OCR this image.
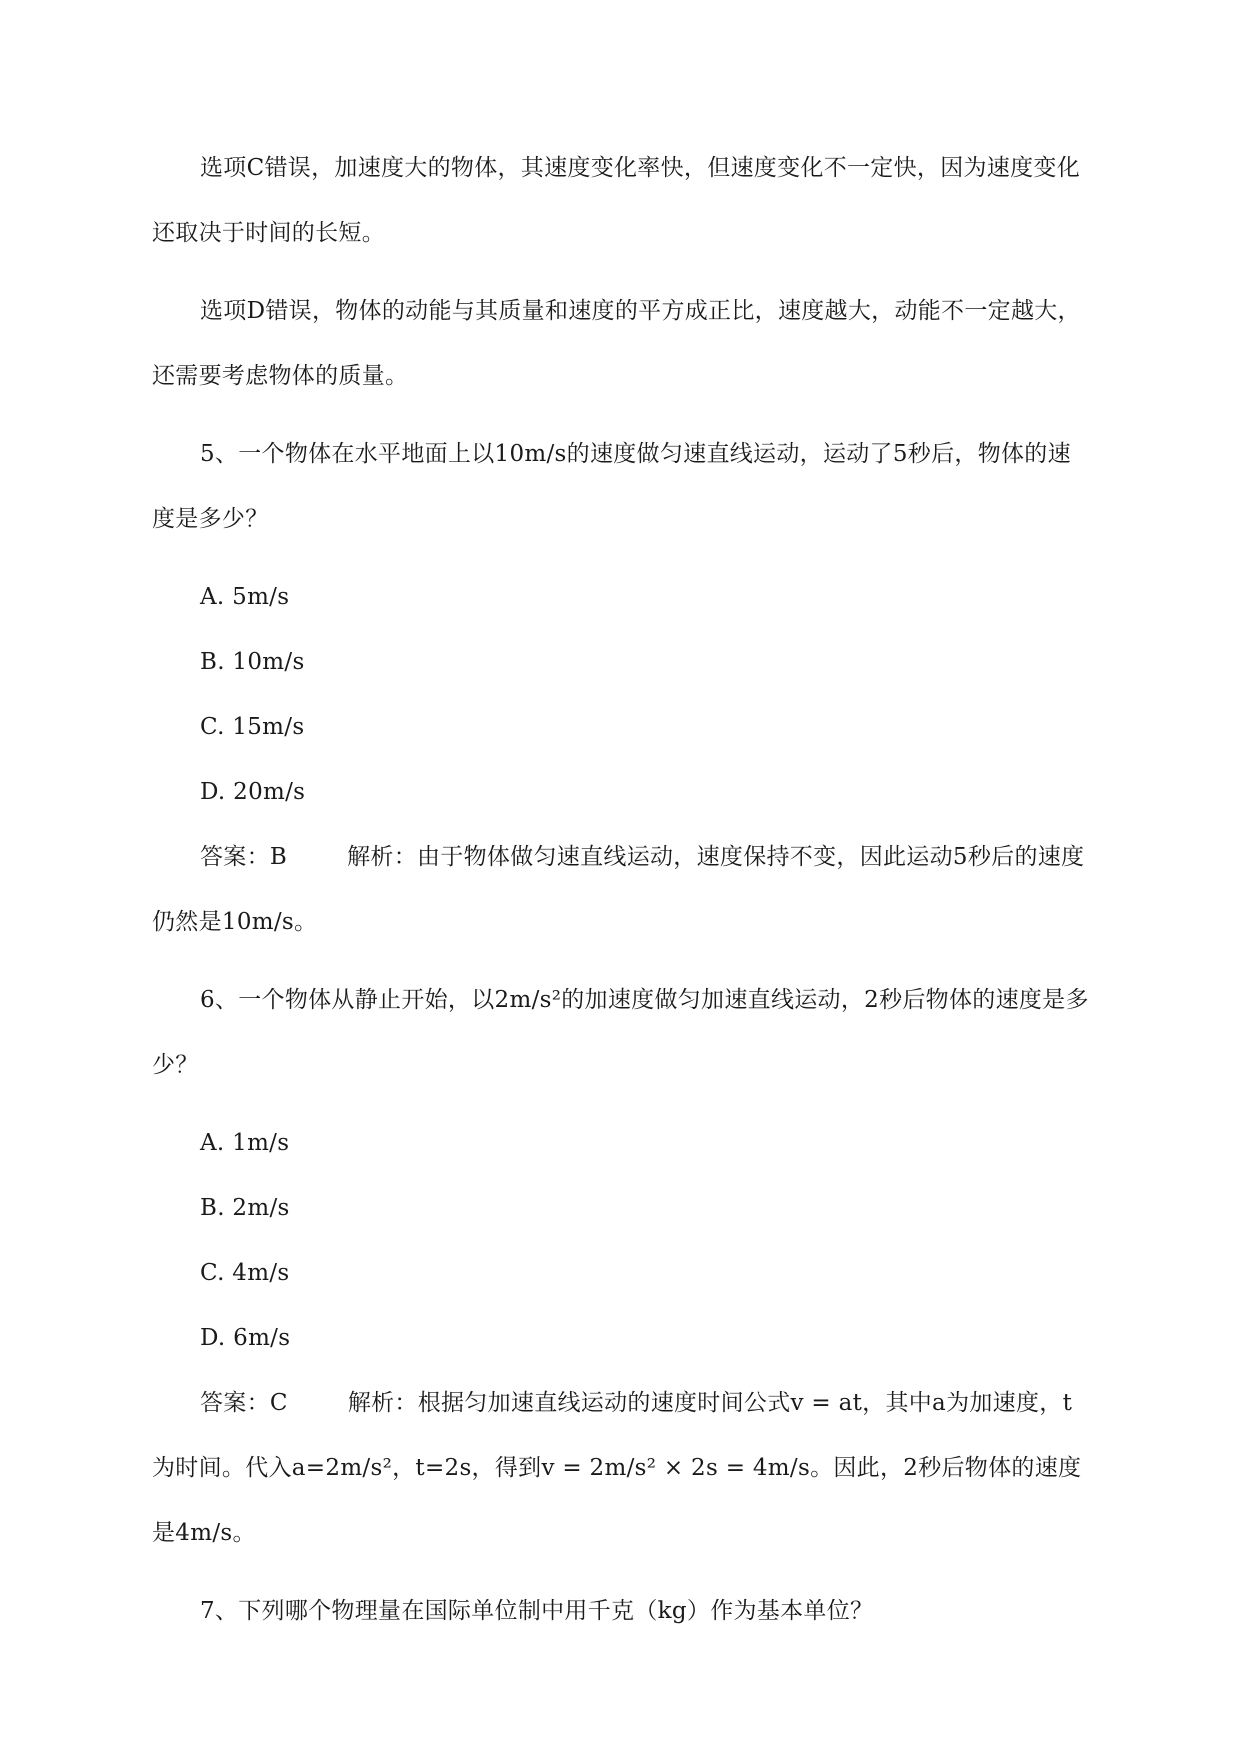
选项C错误，加速度大的物体，其速度变化率快，但速度变化不一定快，因为速度变化还取决于时间的长短。

选项D错误，物体的动能与其质量和速度的平方成正比，速度越大，动能不一定越大，还需要考虑物体的质量。

5、一个物体在水平地面上以10m/s的速度做匀速直线运动，运动了5秒后，物体的速度是多少？

A. 5m/s
B. 10m/s
C. 15m/s
D. 20m/s

答案：B	解析：由于物体做匀速直线运动，速度保持不变，因此运动5秒后的速度仍然是10m/s。

6、一个物体从静止开始，以2m/s²的加速度做匀加速直线运动，2秒后物体的速度是多少？

A. 1m/s
B. 2m/s
C. 4m/s
D. 6m/s

答案：C	解析：根据匀加速直线运动的速度时间公式v = at，其中a为加速度，t为时间。代入a=2m/s²，t=2s，得到v = 2m/s² × 2s = 4m/s。因此，2秒后物体的速度是4m/s。

7、下列哪个物理量在国际单位制中用千克（kg）作为基本单位？
